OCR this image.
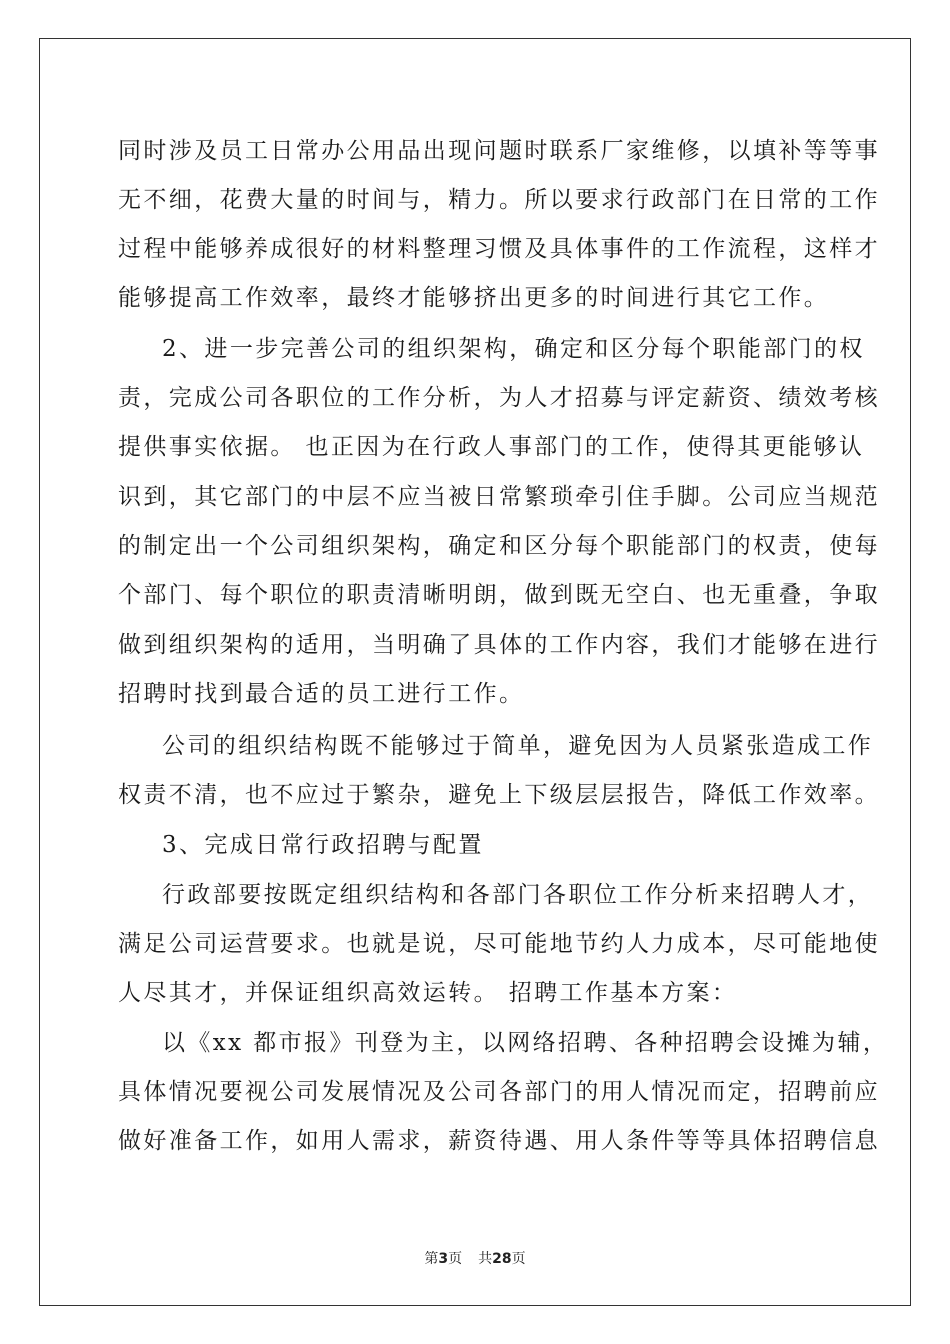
同时涉及员工日常办公用品出现问题时联系厂家维修，以填补等等事
无不细，花费大量的时间与，精力。所以要求行政部门在日常的工作
过程中能够养成很好的材料整理习惯及具体事件的工作流程，这样才
能够提高工作效率，最终才能够挤出更多的时间进行其它工作。
2、进一步完善公司的组织架构，确定和区分每个职能部门的权
责，完成公司各职位的工作分析，为人才招募与评定薪资、绩效考核
提供事实依据。 也正因为在行政人事部门的工作，使得其更能够认
识到，其它部门的中层不应当被日常繁琐牵引住手脚。公司应当规范
的制定出一个公司组织架构，确定和区分每个职能部门的权责，使每
个部门、每个职位的职责清晰明朗，做到既无空白、也无重叠，争取
做到组织架构的适用，当明确了具体的工作内容，我们才能够在进行
招聘时找到最合适的员工进行工作。
公司的组织结构既不能够过于简单，避免因为人员紧张造成工作
权责不清，也不应过于繁杂，避免上下级层层报告，降低工作效率。
3、完成日常行政招聘与配置
行政部要按既定组织结构和各部门各职位工作分析来招聘人才，
满足公司运营要求。也就是说，尽可能地节约人力成本，尽可能地使
人尽其才，并保证组织高效运转。 招聘工作基本方案：
以《xx 都市报》刊登为主，以网络招聘、各种招聘会设摊为辅，
具体情况要视公司发展情况及公司各部门的用人情况而定，招聘前应
做好准备工作，如用人需求，薪资待遇、用人条件等等具体招聘信息
第3页 共28页
